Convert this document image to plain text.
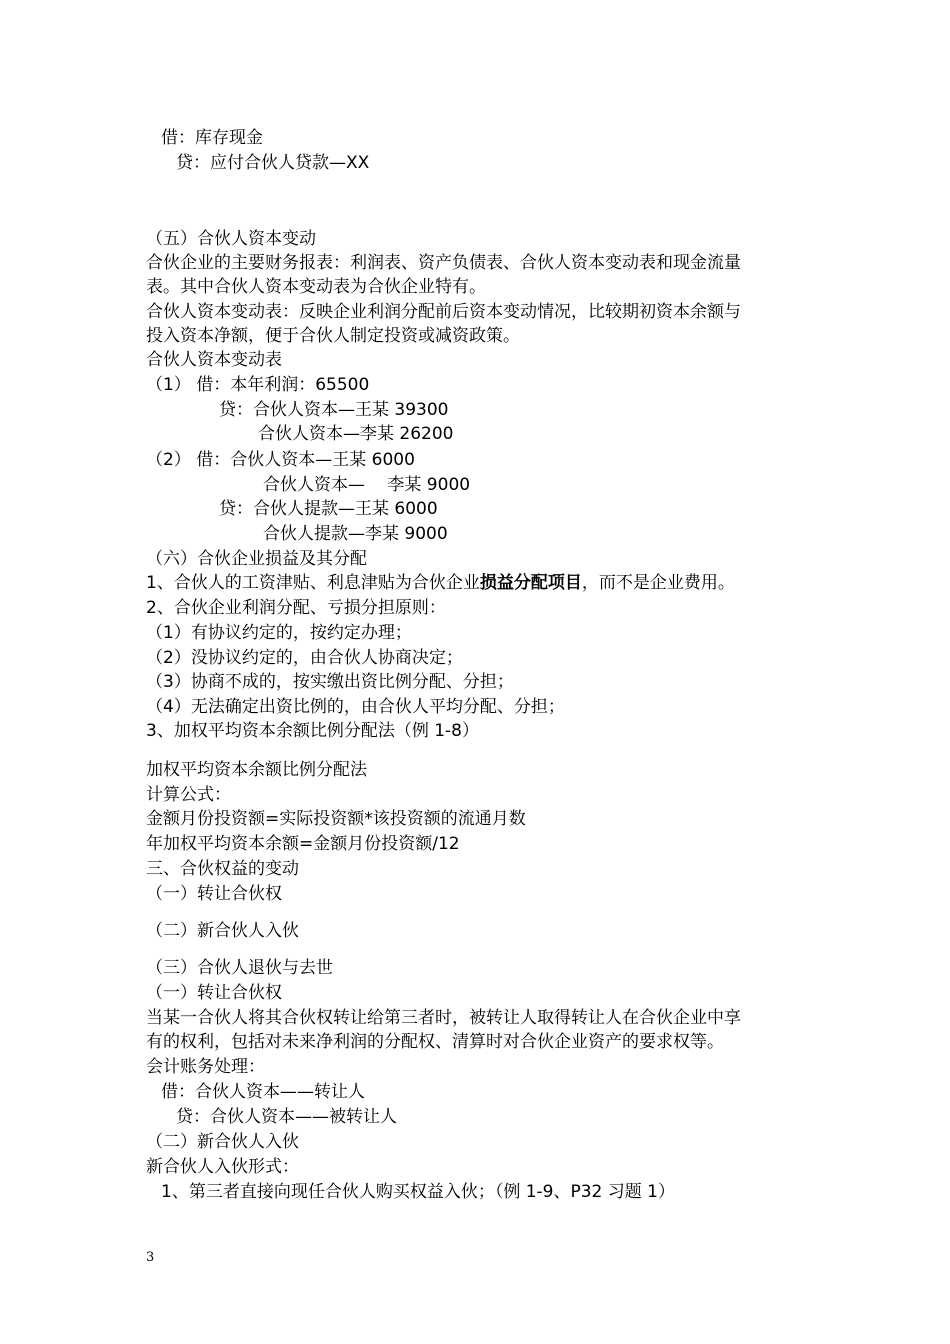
借：库存现金
贷：应付合伙人贷款—XX
（五）合伙人资本变动
合伙企业的主要财务报表：利润表、资产负债表、合伙人资本变动表和现金流量
表。其中合伙人资本变动表为合伙企业特有。
合伙人资本变动表：反映企业利润分配前后资本变动情况，比较期初资本余额与
投入资本净额，便于合伙人制定投资或减资政策。
合伙人资本变动表
（1） 借：本年利润：65500
贷：合伙人资本—王某 39300
合伙人资本—李某 26200
（2） 借：合伙人资本—王某 6000
合伙人资本—　 李某 9000
贷：合伙人提款—王某 6000
合伙人提款—李某 9000
（六）合伙企业损益及其分配
1、合伙人的工资津贴、利息津贴为合伙企业损益分配项目，而不是企业费用。
2、合伙企业利润分配、亏损分担原则：
（1）有协议约定的，按约定办理；
（2）没协议约定的，由合伙人协商决定；
（3）协商不成的，按实缴出资比例分配、分担；
（4）无法确定出资比例的，由合伙人平均分配、分担；
3、加权平均资本余额比例分配法（例 1-8）
加权平均资本余额比例分配法
计算公式：
金额月份投资额=实际投资额*该投资额的流通月数
年加权平均资本余额=金额月份投资额/12
三、合伙权益的变动
（一）转让合伙权
（二）新合伙人入伙
（三）合伙人退伙与去世
（一）转让合伙权
当某一合伙人将其合伙权转让给第三者时，被转让人取得转让人在合伙企业中享
有的权利，包括对未来净利润的分配权、清算时对合伙企业资产的要求权等。
会计账务处理：
借：合伙人资本——转让人
贷：合伙人资本——被转让人
（二）新合伙人入伙
新合伙人入伙形式：
1、第三者直接向现任合伙人购买权益入伙；（例 1-9、P32 习题 1）
3
